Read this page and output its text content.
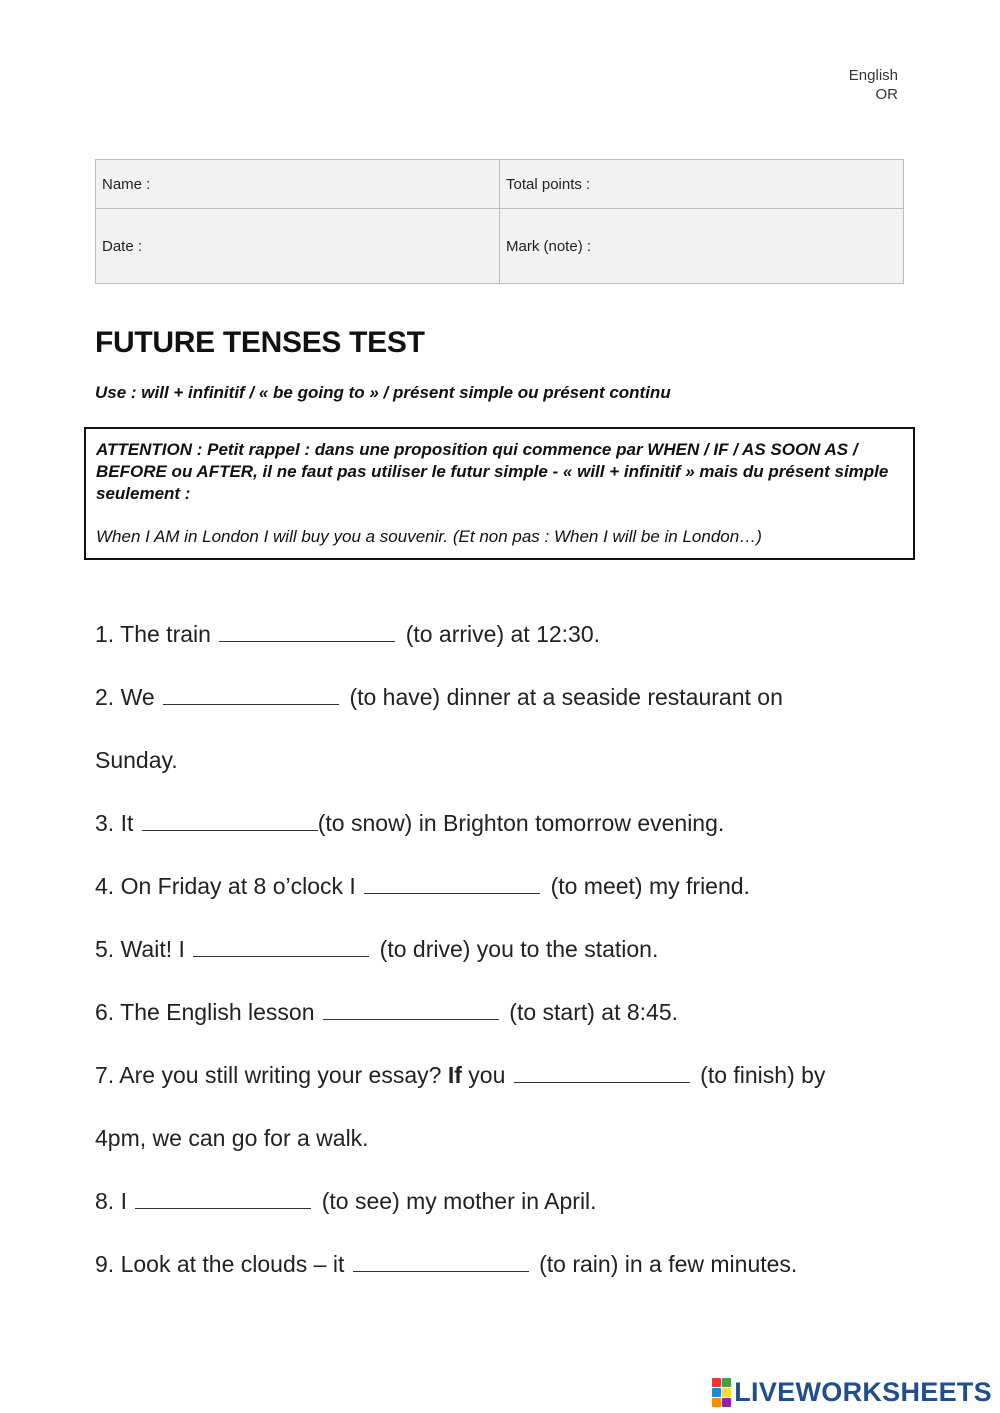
English
OR
Name :	Total points :
Date :	Mark (note) :
FUTURE TENSES TEST

Use : will + infinitif / « be going to » / présent simple ou présent continu

ATTENTION : Petit rappel : dans une proposition qui commence par WHEN / IF / AS SOON AS / BEFORE ou AFTER, il ne faut pas utiliser le futur simple - « will + infinitif » mais du présent simple seulement :
When I AM in London I will buy you a souvenir. (Et non pas : When I will be in London…)
1. The train	(to arrive) at 12:30.
2. We	(to have) dinner at a seaside restaurant on
Sunday.
3. It	(to snow) in Brighton tomorrow evening.
4. On Friday at 8 o’clock I	(to meet) my friend.
5. Wait! I	(to drive) you to the station.
6. The English lesson	(to start) at 8:45.
7. Are you still writing your essay? If you	(to finish) by
4pm, we can go for a walk.
8. I	(to see) my mother in April.
9. Look at the clouds – it	(to rain) in a few minutes.
LIVEWORKSHEETS
